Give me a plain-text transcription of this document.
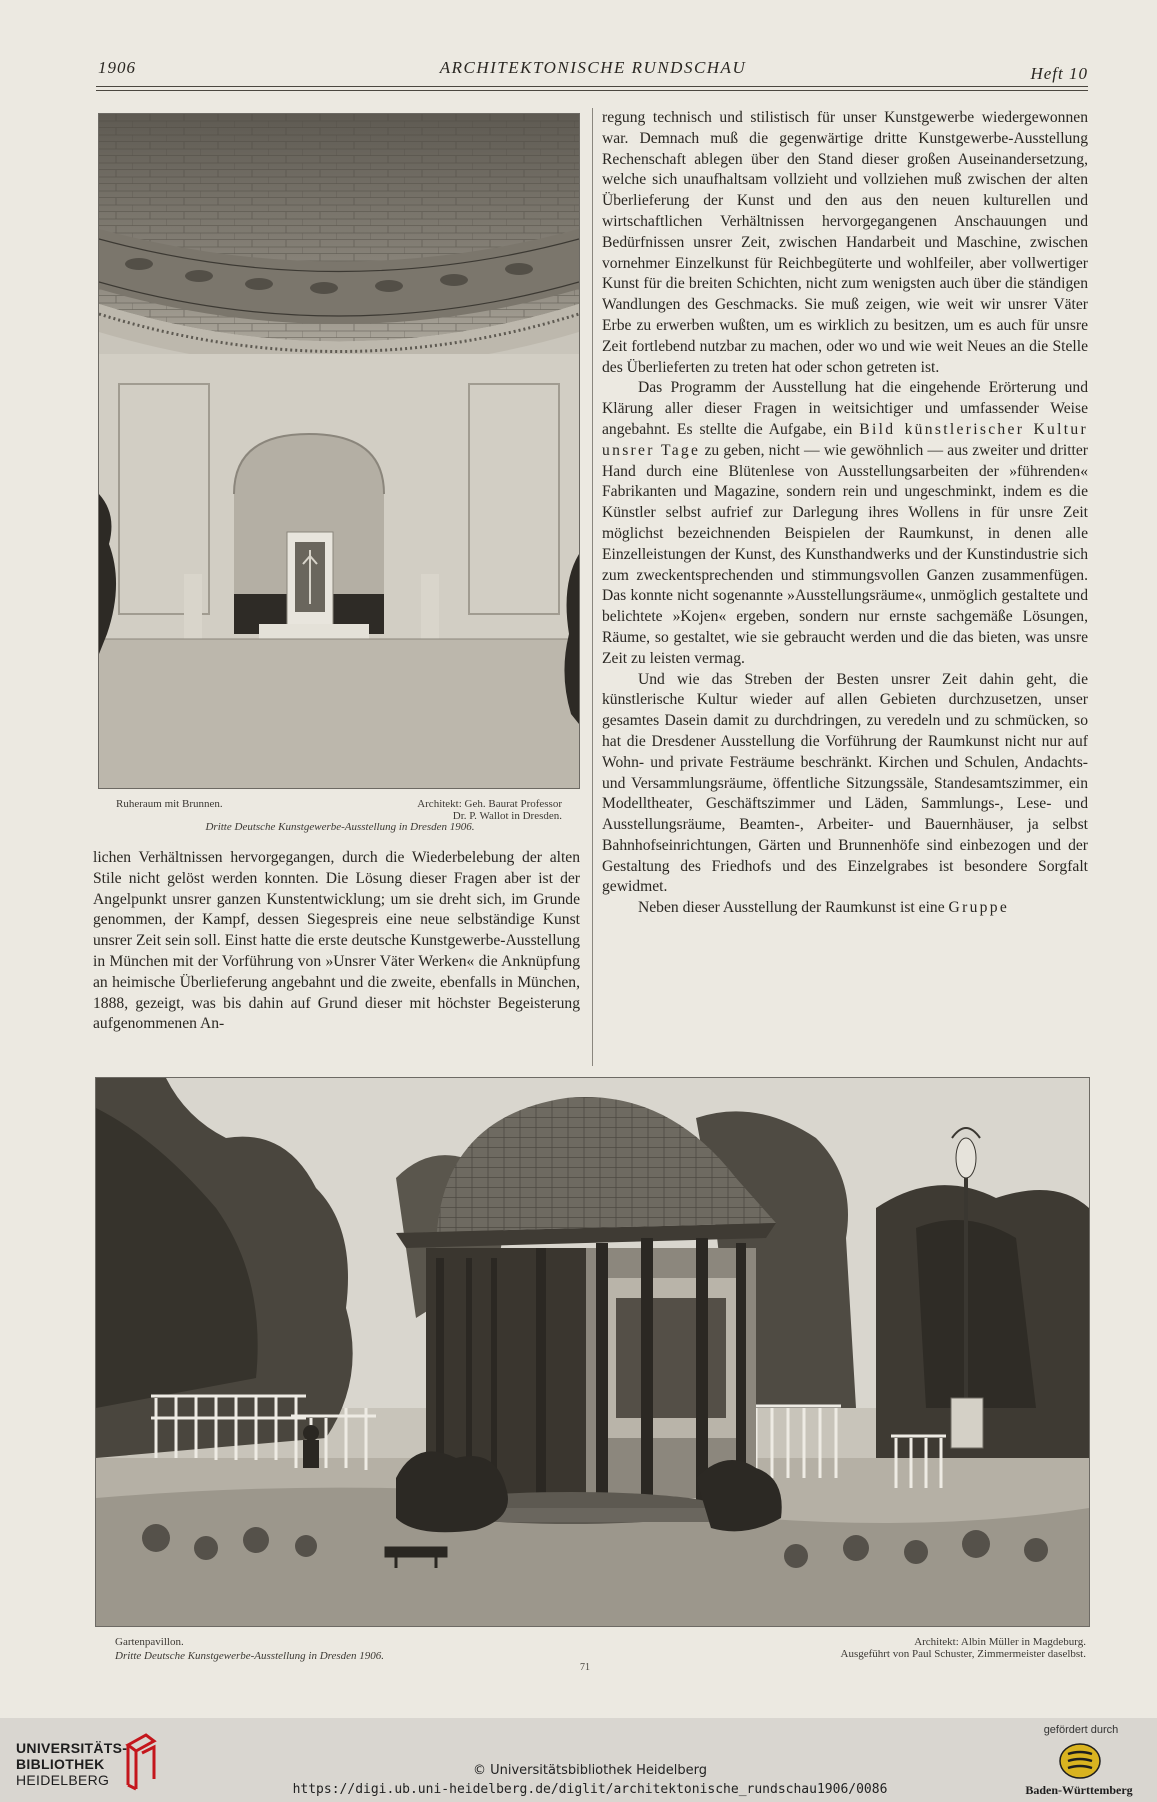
1906	ARCHITEKTONISCHE RUNDSCHAU	Heft 10
Ruheraum mit Brunnen.	Architekt: Geh. Baurat Professor
Dr. P. Wallot in Dresden.
Dritte Deutsche Kunstgewerbe-Ausstellung in Dresden 1906.

regung technisch und stilistisch für unser Kunstgewerbe wiedergewonnen war. Demnach muß die gegenwärtige dritte Kunstgewerbe-Ausstellung Rechenschaft ablegen über den Stand dieser großen Auseinandersetzung, welche sich unaufhaltsam vollzieht und vollziehen muß zwischen der alten Überlieferung der Kunst und den aus den neuen kulturellen und wirtschaftlichen Verhältnissen hervorgegangenen Anschauungen und Bedürfnissen unsrer Zeit, zwischen Handarbeit und Maschine, zwischen vornehmer Einzelkunst für Reichbegüterte und wohlfeiler, aber vollwertiger Kunst für die breiten Schichten, nicht zum wenigsten auch über die ständigen Wandlungen des Geschmacks. Sie muß zeigen, wie weit wir unsrer Väter Erbe zu erwerben wußten, um es wirklich zu besitzen, um es auch für unsre Zeit fortlebend nutzbar zu machen, oder wo und wie weit Neues an die Stelle des Überlieferten zu treten hat oder schon getreten ist.

Das Programm der Ausstellung hat die eingehende Erörterung und Klärung aller dieser Fragen in weitsichtiger und umfassender Weise angebahnt. Es stellte die Aufgabe, ein Bild künstlerischer Kultur unsrer Tage zu geben, nicht — wie gewöhnlich — aus zweiter und dritter Hand durch eine Blütenlese von Ausstellungsarbeiten der »führenden« Fabrikanten und Magazine, sondern rein und ungeschminkt, indem es die Künstler selbst aufrief zur Darlegung ihres Wollens in für unsre Zeit möglichst bezeichnenden Beispielen der Raumkunst, in denen alle Einzelleistungen der Kunst, des Kunsthandwerks und der Kunstindustrie sich zum zweckentsprechenden und stimmungsvollen Ganzen zusammenfügen. Das konnte nicht sogenannte »Ausstellungsräume«, unmöglich gestaltete und belichtete »Kojen« ergeben, sondern nur ernste sachgemäße Lösungen, Räume, so gestaltet, wie sie gebraucht werden und die das bieten, was unsre Zeit zu leisten vermag.

Und wie das Streben der Besten unsrer Zeit dahin geht, die künstlerische Kultur wieder auf allen Gebieten durchzusetzen, unser gesamtes Dasein damit zu durchdringen, zu veredeln und zu schmücken, so hat die Dresdener Ausstellung die Vorführung der Raumkunst nicht nur auf Wohn- und private Festräume beschränkt. Kirchen und Schulen, Andachts- und Versammlungsräume, öffentliche Sitzungssäle, Standesamtszimmer, ein Modelltheater, Geschäftszimmer und Läden, Sammlungs-, Lese- und Ausstellungsräume, Beamten-, Arbeiter- und Bauernhäuser, ja selbst Bahnhofseinrichtungen, Gärten und Brunnenhöfe sind einbezogen und der Gestaltung des Friedhofs und des Einzelgrabes ist besondere Sorgfalt gewidmet.

Neben dieser Ausstellung der Raumkunst ist eine Gruppe

lichen Verhältnissen hervorgegangen, durch die Wiederbelebung der alten Stile nicht gelöst werden konnten. Die Lösung dieser Fragen aber ist der Angelpunkt unsrer ganzen Kunstentwicklung; um sie dreht sich, im Grunde genommen, der Kampf, dessen Siegespreis eine neue selbständige Kunst unsrer Zeit sein soll. Einst hatte die erste deutsche Kunstgewerbe-Ausstellung in München mit der Vorführung von »Unsrer Väter Werken« die Anknüpfung an heimische Überlieferung angebahnt und die zweite, ebenfalls in München, 1888, gezeigt, was bis dahin auf Grund dieser mit höchster Begeisterung aufgenommenen An-

Gartenpavillon.
Dritte Deutsche Kunstgewerbe-Ausstellung in Dresden 1906.
Architekt: Albin Müller in Magdeburg.
Ausgeführt von Paul Schuster, Zimmermeister daselbst.
71
UNIVERSITÄTS-
BIBLIOTHEK
HEIDELBERG
© Universitätsbibliothek Heidelberg
https://digi.ub.uni-heidelberg.de/diglit/architektonische_rundschau1906/0086
gefördert durch
Baden-Württemberg
